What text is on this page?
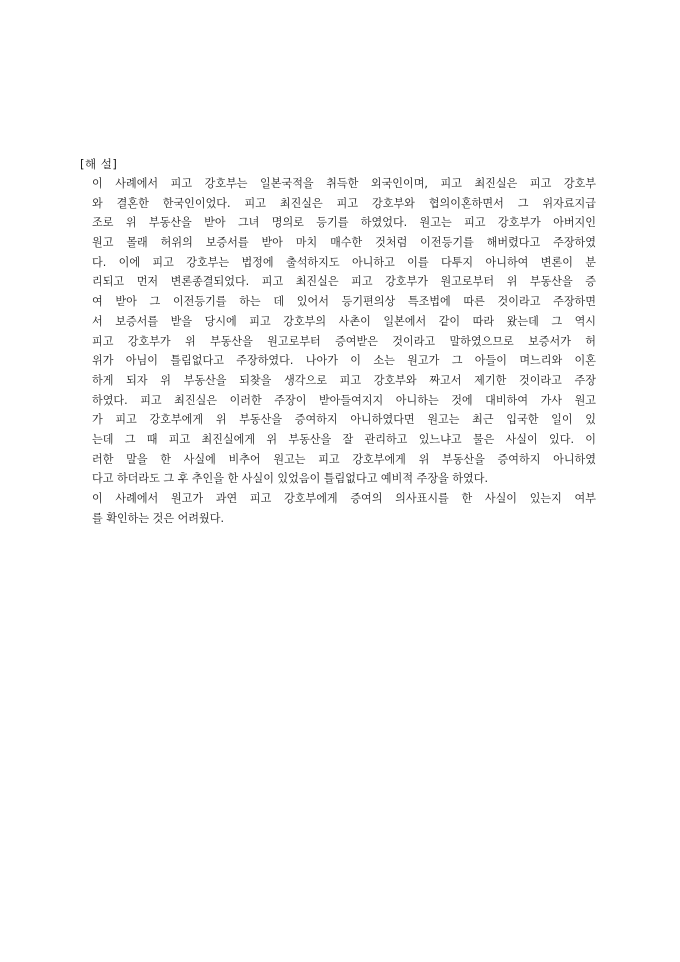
[해 설]
이 사례에서 피고 강호부는 일본국적을 취득한 외국인이며, 피고 최진실은 피고 강호부
와 결혼한 한국인이었다. 피고 최진실은 피고 강호부와 협의이혼하면서 그 위자료지급
조로 위 부동산을 받아 그녀 명의로 등기를 하였었다. 원고는 피고 강호부가 아버지인
원고 몰래 허위의 보증서를 받아 마치 매수한 것처럼 이전등기를 해버렸다고 주장하였
다. 이에 피고 강호부는 법정에 출석하지도 아니하고 이를 다투지 아니하여 변론이 분
리되고 먼저 변론종결되었다. 피고 최진실은 피고 강호부가 원고로부터 위 부동산을 증
여 받아 그 이전등기를 하는 데 있어서 등기편의상 특조법에 따른 것이라고 주장하면
서 보증서를 받을 당시에 피고 강호부의 사촌이 일본에서 같이 따라 왔는데 그 역시
피고 강호부가 위 부동산을 원고로부터 증여받은 것이라고 말하였으므로 보증서가 허
위가 아님이 틀림없다고 주장하였다. 나아가 이 소는 원고가 그 아들이 며느리와 이혼
하게 되자 위 부동산을 되찾을 생각으로 피고 강호부와 짜고서 제기한 것이라고 주장
하였다. 피고 최진실은 이러한 주장이 받아들여지지 아니하는 것에 대비하여 가사 원고
가 피고 강호부에게 위 부동산을 증여하지 아니하였다면 원고는 최근 입국한 일이 있
는데 그 때 피고 최진실에게 위 부동산을 잘 관리하고 있느냐고 물은 사실이 있다. 이
러한 말을 한 사실에 비추어 원고는 피고 강호부에게 위 부동산을 증여하지 아니하였
다고 하더라도 그 후 추인을 한 사실이 있었음이 틀림없다고 예비적 주장을 하였다.
이 사례에서 원고가 과연 피고 강호부에게 증여의 의사표시를 한 사실이 있는지 여부
를 확인하는 것은 어려웠다.
